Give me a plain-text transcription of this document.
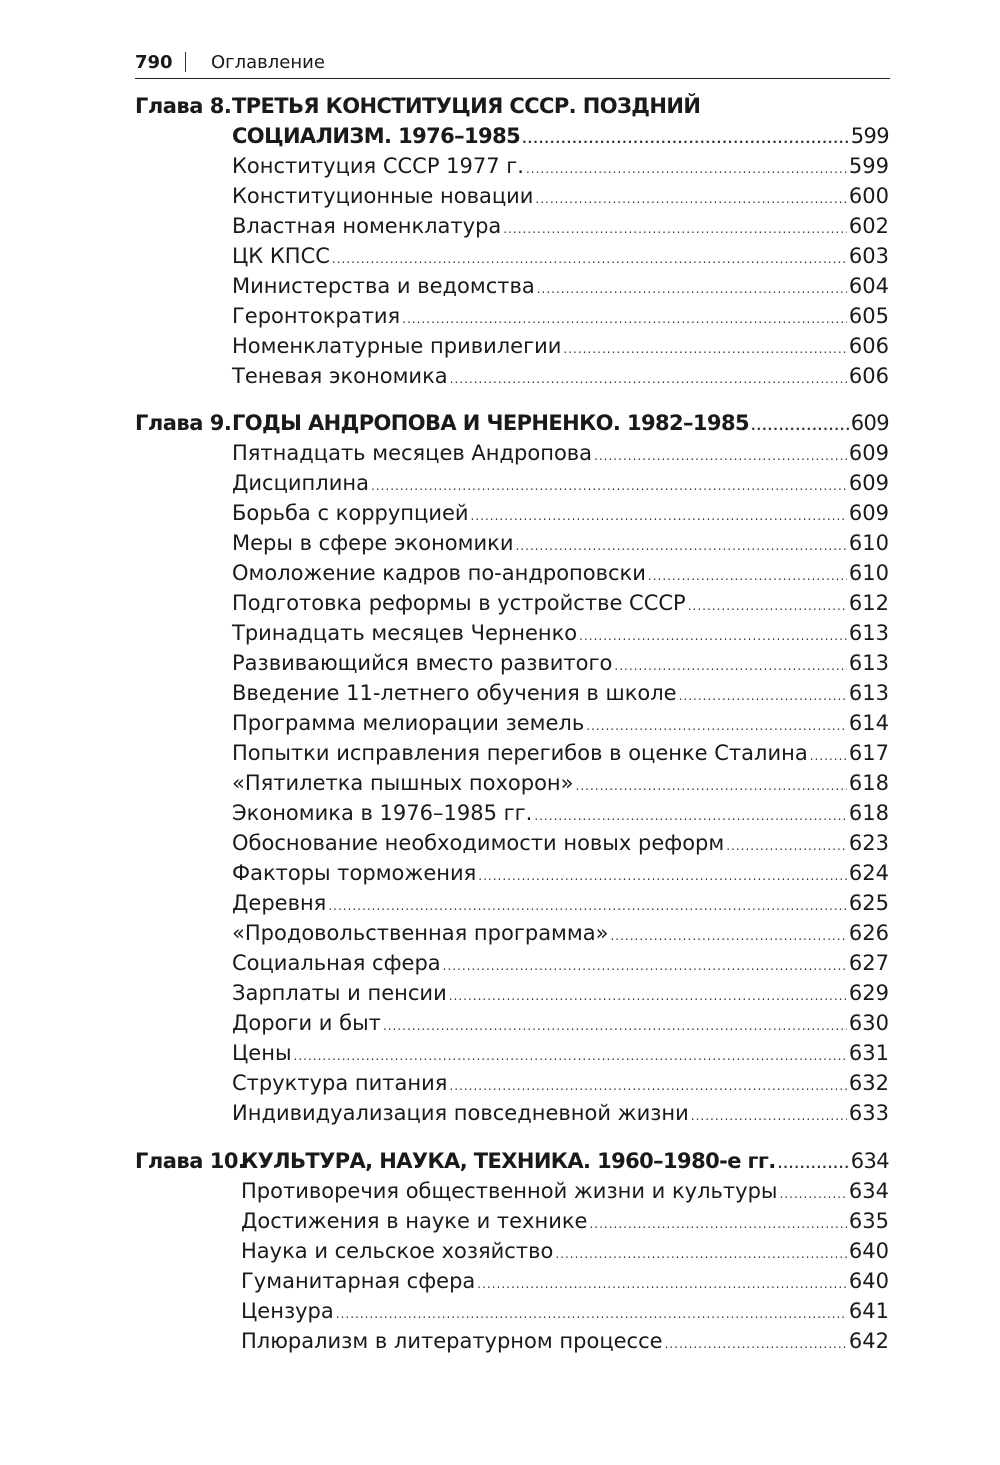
790 Оглавление
Глава 8. ТРЕТЬЯ КОНСТИТУЦИЯ СССР. ПОЗДНИЙ
СОЦИАЛИЗМ. 1976–1985 .....	599
Конституция СССР 1977 г. .....	599
Конституционные новации .....	600
Властная номенклатура .....	602
ЦК КПСС .....	603
Министерства и ведомства .....	604
Геронтократия .....	605
Номенклатурные привилегии .....	606
Теневая экономика .....	606
Глава 9. ГОДЫ АНДРОПОВА И ЧЕРНЕНКО. 1982–1985 .....	609
Пятнадцать месяцев Андропова .....	609
Дисциплина .....	609
Борьба с коррупцией .....	609
Меры в сфере экономики .....	610
Омоложение кадров по-андроповски .....	610
Подготовка реформы в устройстве СССР .....	612
Тринадцать месяцев Черненко .....	613
Развивающийся вместо развитого .....	613
Введение 11-летнего обучения в школе .....	613
Программа мелиорации земель .....	614
Попытки исправления перегибов в оценке Сталина ..... 617
«Пятилетка пышных похорон» .....	618
Экономика в 1976–1985 гг. .....	618
Обоснование необходимости новых реформ .....	623
Факторы торможения .....	624
Деревня .....	625
«Продовольственная программа» .....	626
Социальная сфера .....	627
Зарплаты и пенсии .....	629
Дороги и быт .....	630
Цены .....	631
Структура питания .....	632
Индивидуализация повседневной жизни .....	633
Глава 10.
КУЛЬТУРА, НАУКА, ТЕХНИКА. 1960–1980-е гг. .....	634
Противоречия общественной жизни и культуры .....	634
Достижения в науке и технике .....	635
Наука и сельское хозяйство .....	640
Гуманитарная сфера .....	640
Цензура .....	641
Плюрализм в литературном процессе .....	642
